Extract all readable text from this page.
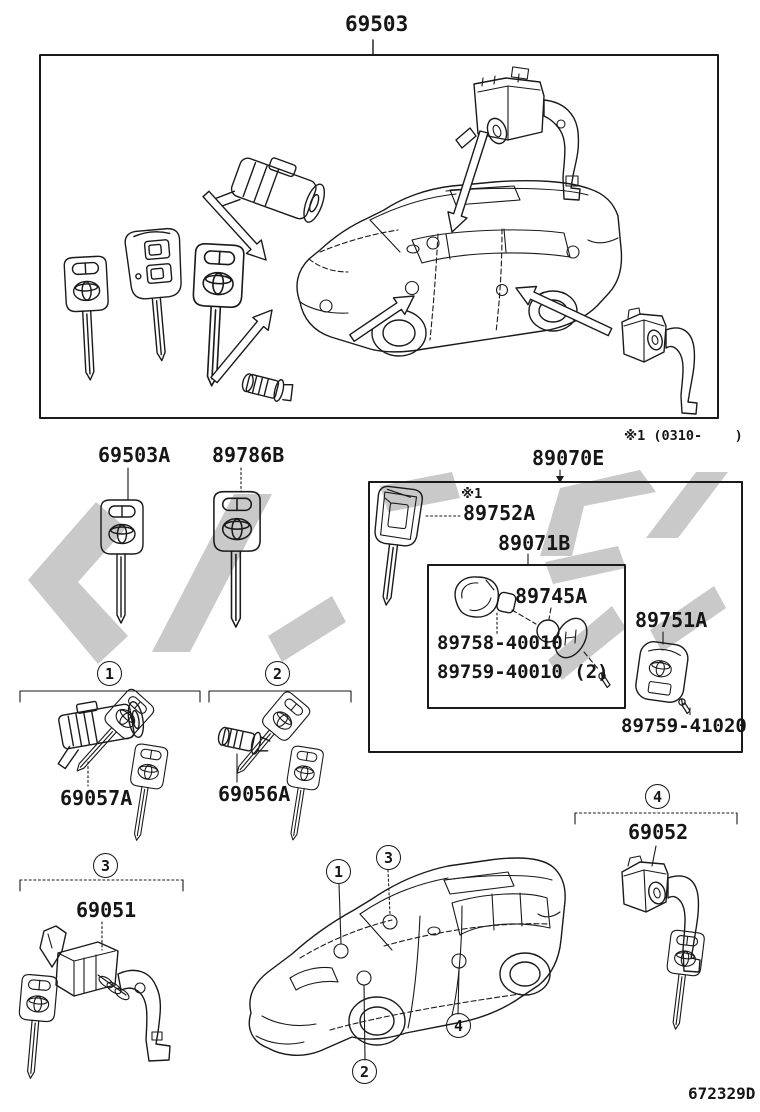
69503
※1 (0310-    )
69503A 89786B	89070E
※1
89752A
89071B
89745A
89758-40010
89759-40010 (2)
89751A
89759-41020
69057A	69056A
69051
69052
672329D
1	2
3
4
1
3
2
4
